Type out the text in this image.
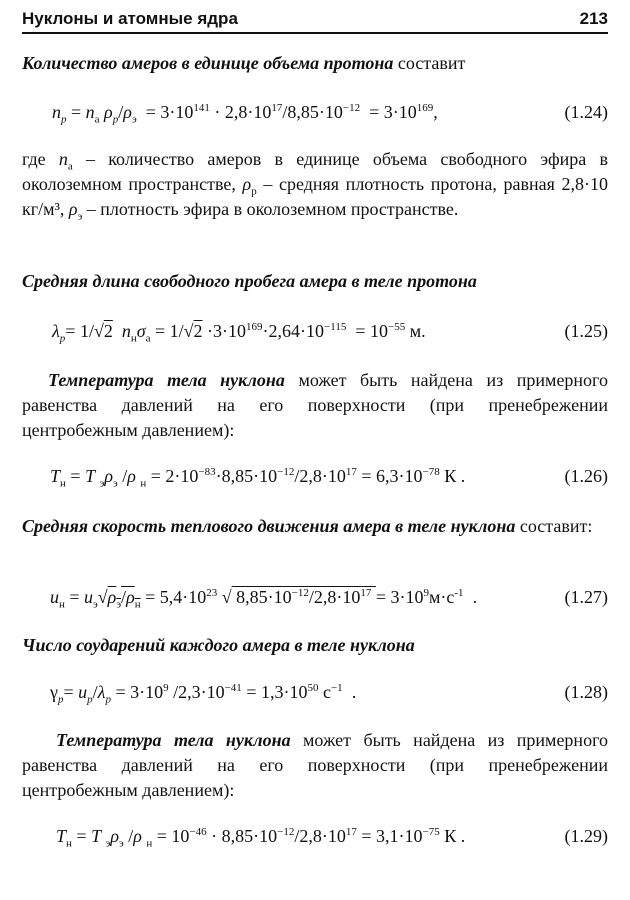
Нуклоны и атомные ядра	213
Количество амеров в единице объема протона составит
$n_p = n_а$ $\rho_p/\rho_э = 3\cdot 10^{141} \cdot 2,8\cdot 10^{17}/8,85\cdot 10^{-12} = 3\cdot 10^{169}$,	(1.24)
где $n_а$ – количество амеров в единице объема свободного эфира в околоземном пространстве, $\rho_p$ – средняя плотность протона, равная 2,8·10 кг/м³, $\rho_э$ – плотность эфира в околоземном пространстве.
Средняя длина свободного пробега амера в теле протона
$\lambda_p= 1/√2$ $n_н\sigma_а = 1/√2 \cdot 3\cdot 10^{169}\cdot 2,64\cdot 10^{-115} = 10^{-55}$ м.	(1.25)
Температура тела нуклона может быть найдена из примерного равенства давлений на его поверхности (при пренебрежении центробежным давлением):
$T_н = T$ $_э\rho_э$ /ρ $_н = 2\cdot 10^{-83}\cdot 8,85\cdot 10^{-12}/2,8\cdot 10^{17} = 6,3\cdot 10^{-78}$ К .	(1.26)
Средняя скорость теплового движения амера в теле нуклона составит:
$u_н = u_э√\rho_э/\rho_н = 5,4\cdot 10^{23}$ √ $8,85\cdot 10^{-12}/2,8\cdot 10^{17} = 3\cdot 10^9м\cdot с^{-1}$  .	(1.27)
Число соударений каждого амера в теле нуклона
$\gamma_p= u_p/\lambda_p = 3\cdot 10^9$ $/2,3\cdot 10^{-41} = 1,3\cdot 10^{50}$ $с^{-1}$  .	(1.28)
Температура тела нуклона может быть найдена из примерного равенства давлений на его поверхности (при пренебрежении центробежным давлением):
$T_н = T$ $_э\rho_э$ /ρ $_н = 10^{-46} \cdot 8,85\cdot 10^{-12}/2,8\cdot 10^{17} = 3,1\cdot 10^{-75}$ К .	(1.29)
